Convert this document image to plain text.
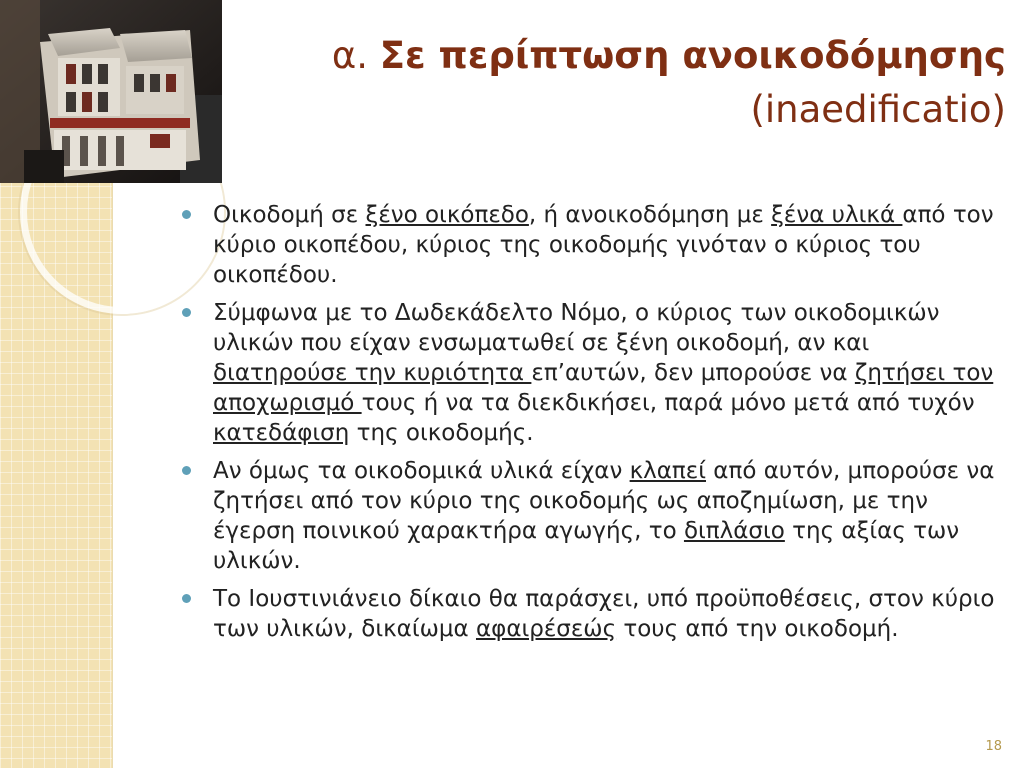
α. Σε περίπτωση ανοικοδόμησης
(inaedificatio)
Οικοδομή σε ξένο οικόπεδο, ή ανοικοδόμηση με ξένα υλικά από τον κύριο οικοπέδου, κύριος της οικοδομής γινόταν ο κύριος του οικοπέδου.
Σύμφωνα με το Δωδεκάδελτο Νόμο, ο κύριος των οικοδομικών υλικών που είχαν ενσωματωθεί σε ξένη οικοδομή, αν και διατηρούσε την κυριότητα επ’αυτών, δεν μπορούσε να ζητήσει τον αποχωρισμό τους ή να τα διεκδικήσει, παρά μόνο μετά από τυχόν κατεδάφιση της οικοδομής.
Αν όμως τα οικοδομικά υλικά είχαν κλαπεί από αυτόν, μπορούσε να ζητήσει από τον κύριο της οικοδομής ως αποζημίωση, με την έγερση ποινικού χαρακτήρα αγωγής, το διπλάσιο της αξίας των υλικών.
Το Ιουστινιάνειο δίκαιο θα παράσχει, υπό προϋποθέσεις, στον κύριο των υλικών, δικαίωμα αφαιρέσεώς τους από την οικοδομή.
18
